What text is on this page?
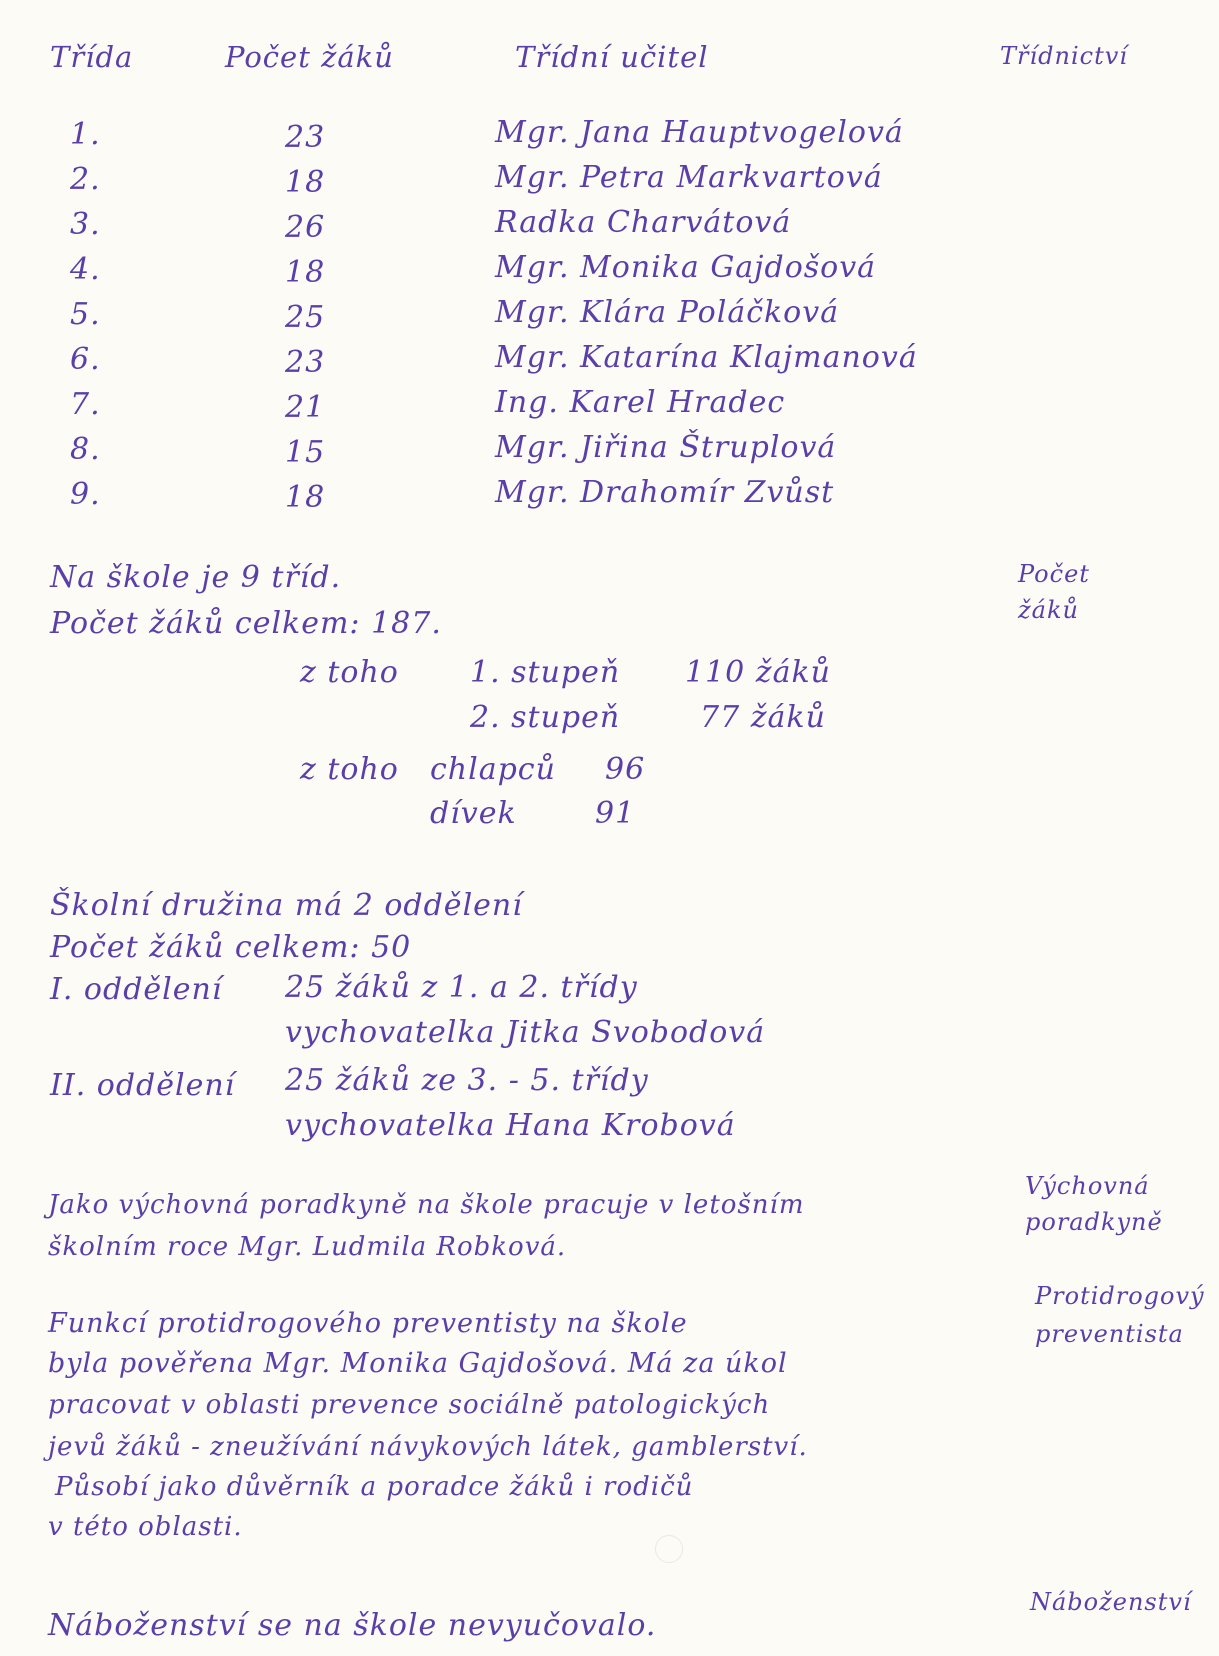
Třídnictví
Počet
žáků
Výchovná
poradkyně
Protidrogový
preventista
Náboženství
Třída	Počet žáků	Třídní učitel
1.	23	Mgr. Jana Hauptvogelová
2.	18	Mgr. Petra Markvartová
3.	26	Radka Charvátová
4.	18	Mgr. Monika Gajdošová
5.	25	Mgr. Klára Poláčková
6.	23	Mgr. Katarína Klajmanová
7.	21	Ing. Karel Hradec
8.	15	Mgr. Jiřina Štruplová
9.	18	Mgr. Drahomír Zvůst
Na škole je 9 tříd.
Počet žáků celkem: 187.
z toho 1. stupeň 110 žáků
2. stupeň	77 žáků
z toho chlapců 96
dívek	91
Školní družina má 2 oddělení
Počet žáků celkem: 50
I. oddělení 25 žáků z 1. a 2. třídy
vychovatelka Jitka Svobodová
II. oddělení 25 žáků ze 3. - 5. třídy
vychovatelka Hana Krobová
Jako výchovná poradkyně na škole pracuje v letošním
školním roce Mgr. Ludmila Robková.
Funkcí protidrogového preventisty na škole
byla pověřena Mgr. Monika Gajdošová. Má za úkol
pracovat v oblasti prevence sociálně patologických
jevů žáků - zneužívání návykových látek, gamblerství.
Působí jako důvěrník a poradce žáků i rodičů
v této oblasti.
Náboženství se na škole nevyučovalo.
